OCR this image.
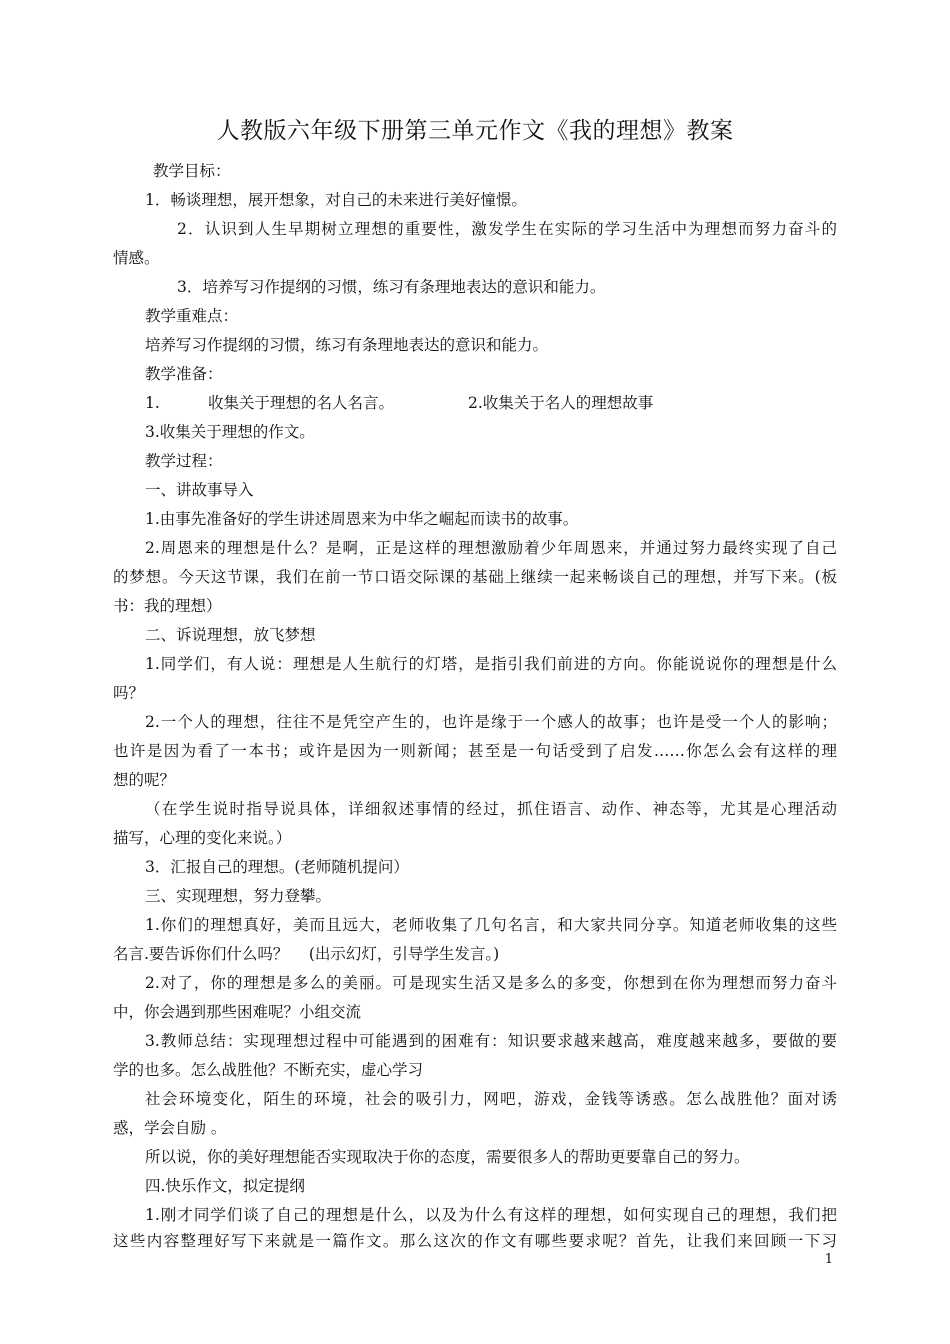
人教版六年级下册第三单元作文《我的理想》教案
教学目标：
1．畅谈理想，展开想象，对自己的未来进行美好憧憬。
2．认识到人生早期树立理想的重要性，激发学生在实际的学习生活中为理想而努力奋斗的
情感。
3．培养写习作提纲的习惯，练习有条理地表达的意识和能力。
教学重难点：
培养写习作提纲的习惯，练习有条理地表达的意识和能力。
教学准备：
1.	收集关于理想的名人名言。	2.收集关于名人的理想故事
3.收集关于理想的作文。
教学过程：
一、讲故事导入
1.由事先准备好的学生讲述周恩来为中华之崛起而读书的故事。
2.周恩来的理想是什么？是啊，正是这样的理想激励着少年周恩来，并通过努力最终实现了自己
的梦想。今天这节课，我们在前一节口语交际课的基础上继续一起来畅谈自己的理想，并写下来。(板
书：我的理想）
二、诉说理想，放飞梦想
1.同学们，有人说：理想是人生航行的灯塔，是指引我们前进的方向。你能说说你的理想是什么
吗？
2.一个人的理想，往往不是凭空产生的，也许是缘于一个感人的故事；也许是受一个人的影响；
也许是因为看了一本书；或许是因为一则新闻；甚至是一句话受到了启发……你怎么会有这样的理
想的呢？
（在学生说时指导说具体，详细叙述事情的经过，抓住语言、动作、神态等，尤其是心理活动
描写，心理的变化来说。）
3．汇报自己的理想。(老师随机提问）
三、实现理想，努力登攀。
1.你们的理想真好，美而且远大，老师收集了几句名言，和大家共同分享。知道老师收集的这些
名言.要告诉你们什么吗？　 (出示幻灯，引导学生发言。)
2.对了，你的理想是多么的美丽。可是现实生活又是多么的多变，你想到在你为理想而努力奋斗
中，你会遇到那些困难呢？小组交流
3.教师总结：实现理想过程中可能遇到的困难有：知识要求越来越高，难度越来越多，要做的要
学的也多。怎么战胜他？不断充实，虚心学习
社会环境变化，陌生的环境，社会的吸引力，网吧，游戏，金钱等诱惑。怎么战胜他？面对诱
惑，学会自励 。
所以说，你的美好理想能否实现取决于你的态度，需要很多人的帮助更要靠自己的努力。
四.快乐作文，拟定提纲
1.刚才同学们谈了自己的理想是什么，以及为什么有这样的理想，如何实现自己的理想，我们把
这些内容整理好写下来就是一篇作文。那么这次的作文有哪些要求呢？首先，让我们来回顾一下习
1
